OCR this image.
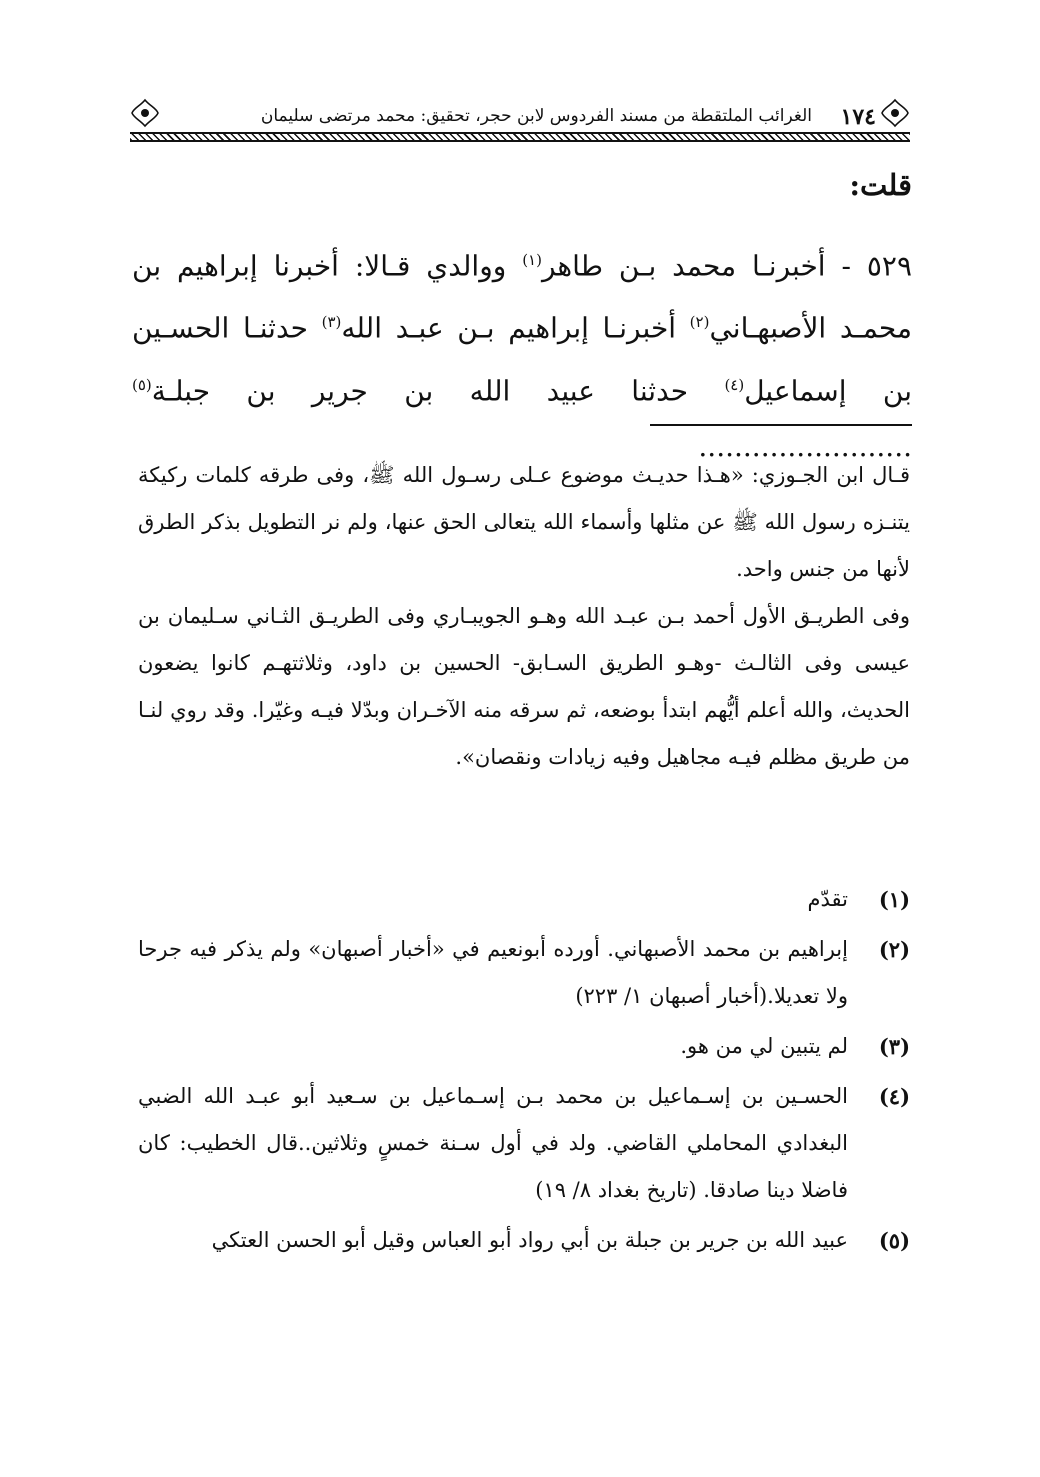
١٧٤
الغرائب الملتقطة من مسند الفردوس لابن حجر، تحقيق: محمد مرتضى سليمان
قلت:
٥٢٩ - أخبرنـا محمد بـن طاهر$^{(١)}$ ووالدي قـالا: أخبرنا إبراهيم بن محمـد الأصبهـاني$^{(٢)}$ أخبرنـا إبراهيم بـن عبـد الله$^{(٣)}$ حدثنـا الحسـين بن إسماعيل$^{(٤)}$ حدثنا عبيد الله بن جرير بن جبلـة$^{(٥)}$ ........................

قـال ابن الجـوزي: «هـذا حديـث موضوع عـلى رسـول الله ﷺ، وفى طرقه كلمات ركيكة يتنـزه رسول الله ﷺ عن مثلها وأسماء الله يتعالى الحق عنها، ولم نر التطويل بذكر الطرق لأنها من جنس واحد.

وفى الطريـق الأول أحمد بـن عبـد الله وهـو الجويبـاري وفى الطريـق الثـاني سـليمان بن عيسى وفى الثالـث -وهـو الطريق السـابق- الحسين بن داود، وثلاثتهـم كانوا يضعون الحديث، والله أعلم أيُّهم ابتدأ بوضعه، ثم سرقه منه الآخـران وبدّلا فيـه وغيّرا. وقد روي لنـا من طريق مظلم فيـه مجاهيل وفيه زيادات ونقصان».

(١)
تقدّم
(٢)
إبراهيم بن محمد الأصبهاني. أورده أبونعيم في «أخبار أصبهان» ولم يذكر فيه جرحا ولا تعديلا.(أخبار أصبهان ١/ ٢٢٣)
(٣)
لم يتبين لي من هو.
(٤)
الحسـين بن إسـماعيل بن محمد بـن إسـماعيل بن سـعيد أبو عبـد الله الضبي البغدادي المحاملي القاضي. ولد في أول سـنة خمسٍ وثلاثين..قال الخطيب: كان فاضلا دينا صادقا. (تاريخ بغداد ٨/ ١٩)
(٥)
عبيد الله بن جرير بن جبلة بن أبي رواد أبو العباس وقيل أبو الحسن العتكي
